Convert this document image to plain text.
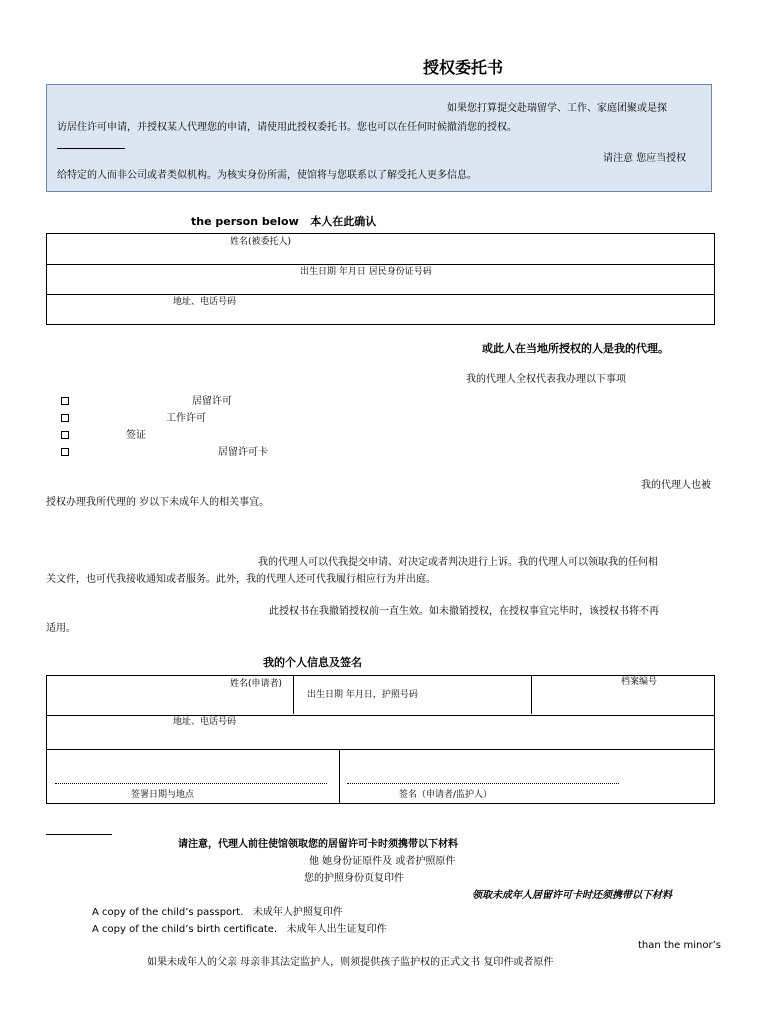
授权委托书
如果您打算提交赴瑞留学、工作、家庭团聚或是探
访居住许可申请，并授权某人代理您的申请，请使用此授权委托书。您也可以在任何时候撤消您的授权。
请注意 您应当授权
给特定的人而非公司或者类似机构。为核实身份所需，使馆将与您联系以了解受托人更多信息。
the person below 本人在此确认
姓名(被委托人)
出生日期 年月日 居民身份证号码
地址、电话号码
或此人在当地所授权的人是我的代理。
我的代理人全权代表我办理以下事项
居留许可
工作许可
签证
居留许可卡
我的代理人也被
授权办理我所代理的 岁以下未成年人的相关事宜。
我的代理人可以代我提交申请、对决定或者判决进行上诉。我的代理人可以领取我的任何相
关文件，也可代我接收通知或者服务。此外，我的代理人还可代我履行相应行为并出庭。
此授权书在我撤销授权前一直生效。如未撤销授权，在授权事宜完毕时，该授权书将不再
适用。
我的个人信息及签名
姓名(申请者)
出生日期 年月日，护照号码
档案编号
地址、电话号码
签署日期与地点	签名（申请者/监护人）
请注意，代理人前往使馆领取您的居留许可卡时须携带以下材料
他 她身份证原件及 或者护照原件
您的护照身份页复印件
领取未成年人居留许可卡时还须携带以下材料
A copy of the child’s passport. 未成年人护照复印件
A copy of the child’s birth certificate. 未成年人出生证复印件
than the minor’s
如果未成年人的父亲 母亲非其法定监护人，则须提供孩子监护权的正式文书 复印件或者原件
